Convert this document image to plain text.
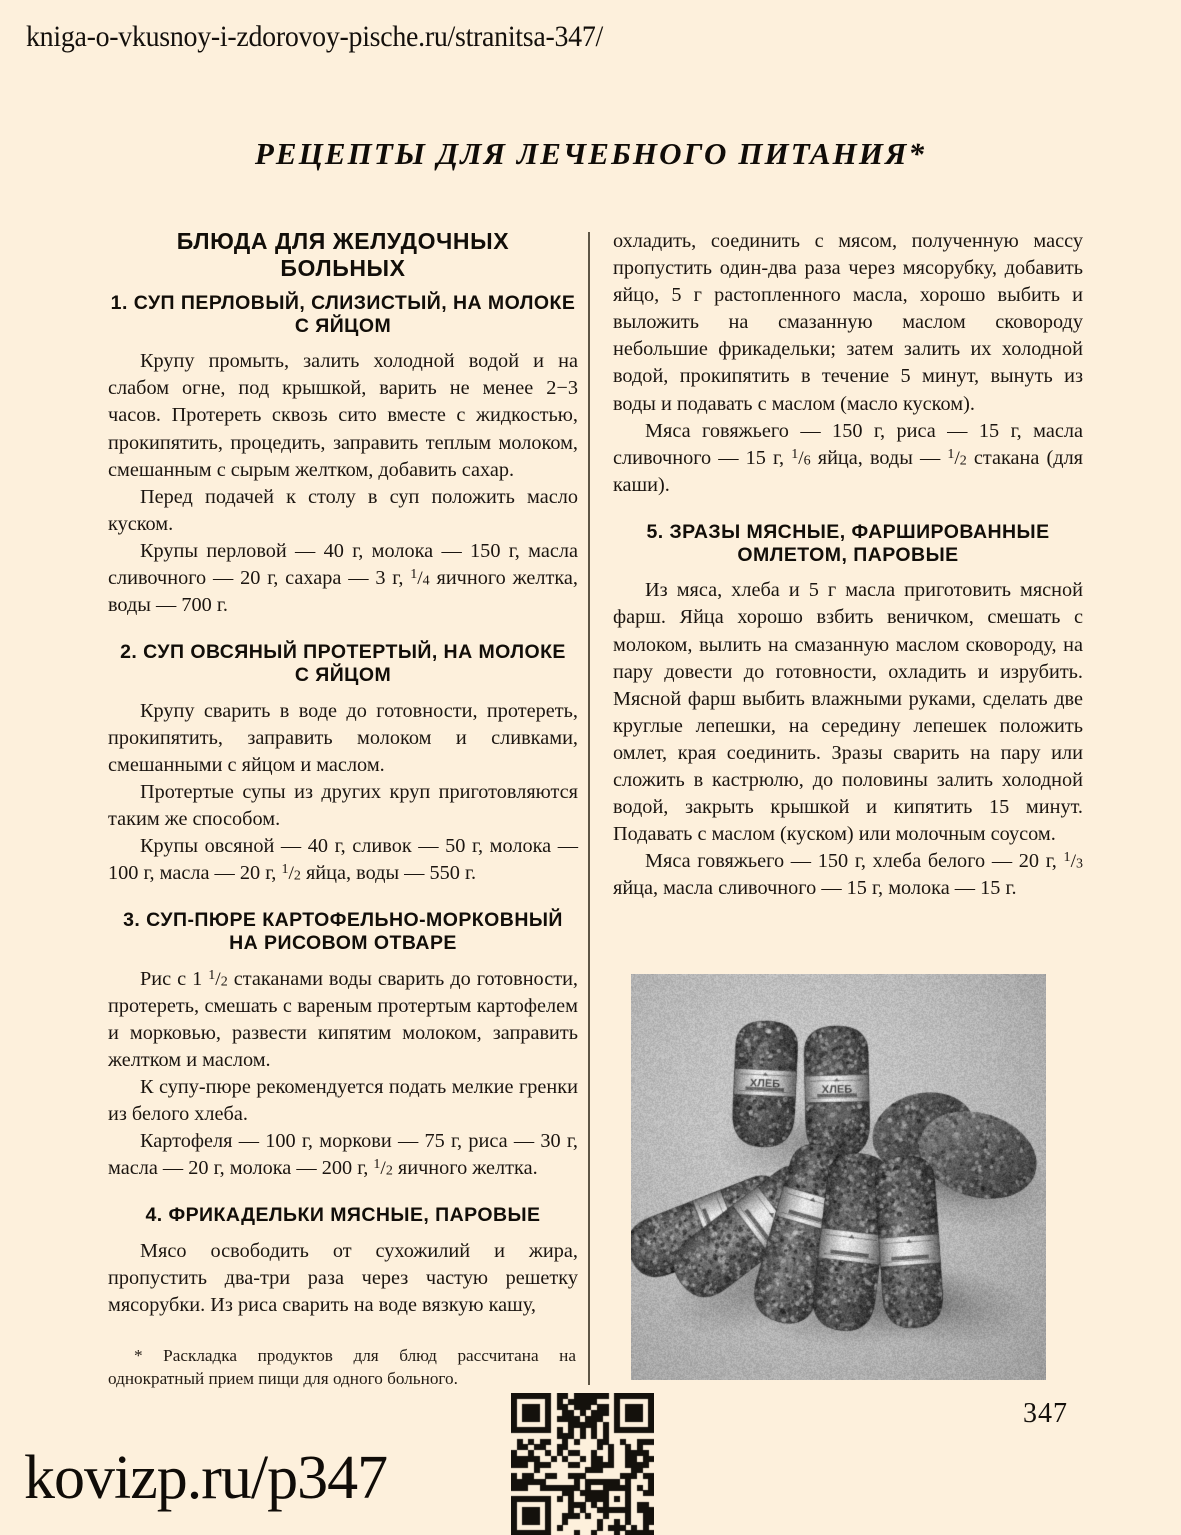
kniga-o-vkusnoy-i-zdorovoy-pische.ru/stranitsa-347/
РЕЦЕПТЫ ДЛЯ ЛЕЧЕБНОГО ПИТАНИЯ*
БЛЮДА ДЛЯ ЖЕЛУДОЧНЫХ БОЛЬНЫХ
1. СУП ПЕРЛОВЫЙ, СЛИЗИСТЫЙ, НА МОЛОКЕ С ЯЙЦОМ

Крупу промыть, залить холодной водой и на слабом огне, под крышкой, варить не менее 2−3 часов. Протереть сквозь сито вместе с жидкостью, прокипятить, процедить, заправить теплым молоком, смешанным с сырым желтком, добавить сахар.

Перед подачей к столу в суп положить масло куском.

Крупы перловой — 40 г, молока — 150 г, масла сливочного — 20 г, сахара — 3 г, $^1/_4$ яичного желтка, воды — 700 г.

2. СУП ОВСЯНЫЙ ПРОТЕРТЫЙ, НА МОЛОКЕ С ЯЙЦОМ

Крупу сварить в воде до готовности, протереть, прокипятить, заправить молоком и сливками, смешанными с яйцом и маслом.

Протертые супы из других круп приготовляются таким же способом.

Крупы овсяной — 40 г, сливок — 50 г, молока — 100 г, масла — 20 г, $^1/_2$ яйца, воды — 550 г.

3. СУП-ПЮРЕ КАРТОФЕЛЬНО-МОРКОВНЫЙ НА РИСОВОМ ОТВАРЕ

Рис с 1 $^1/_2$ стаканами воды сварить до готовности, протереть, смешать с вареным протертым картофелем и морковью, развести кипятим молоком, заправить желтком и маслом.

К супу-пюре рекомендуется подать мелкие гренки из белого хлеба.

Картофеля — 100 г, моркови — 75 г, риса — 30 г, масла — 20 г, молока — 200 г, $^1/_2$ яичного желтка.

4. ФРИКАДЕЛЬКИ МЯСНЫЕ, ПАРОВЫЕ

Мясо освободить от сухожилий и жира, пропустить два-три раза через частую решетку мясорубки. Из риса сварить на воде вязкую кашу,

охладить, соединить с мясом, полученную массу пропустить один-два раза через мясорубку, добавить яйцо, 5 г растопленного масла, хорошо выбить и выложить на смазанную маслом сковороду небольшие фрикадельки; затем залить их холодной водой, прокипятить в течение 5 минут, вынуть из воды и подавать с маслом (масло куском).

Мяса говяжьего — 150 г, риса — 15 г, масла сливочного — 15 г, $^1/_6$ яйца, воды — $^1/_2$ стакана (для каши).

5. ЗРАЗЫ МЯСНЫЕ, ФАРШИРОВАННЫЕ ОМЛЕТОМ, ПАРОВЫЕ

Из мяса, хлеба и 5 г масла приготовить мясной фарш. Яйца хорошо взбить веничком, смешать с молоком, вылить на смазанную маслом сковороду, на пару довести до готовности, охладить и изрубить. Мясной фарш выбить влажными руками, сделать две круглые лепешки, на середину лепешек положить омлет, края соединить. Зразы сварить на пару или сложить в кастрюлю, до половины залить холодной водой, закрыть крышкой и кипятить 15 минут. Подавать с маслом (куском) или молочным соусом.

Мяса говяжьего — 150 г, хлеба белого — 20 г, $^1/_3$ яйца, масла сливочного — 15 г, молока — 15 г.

* Раскладка продуктов для блюд рассчитана на однократный прием пищи для одного больного.

347
kovizp.ru/p347
